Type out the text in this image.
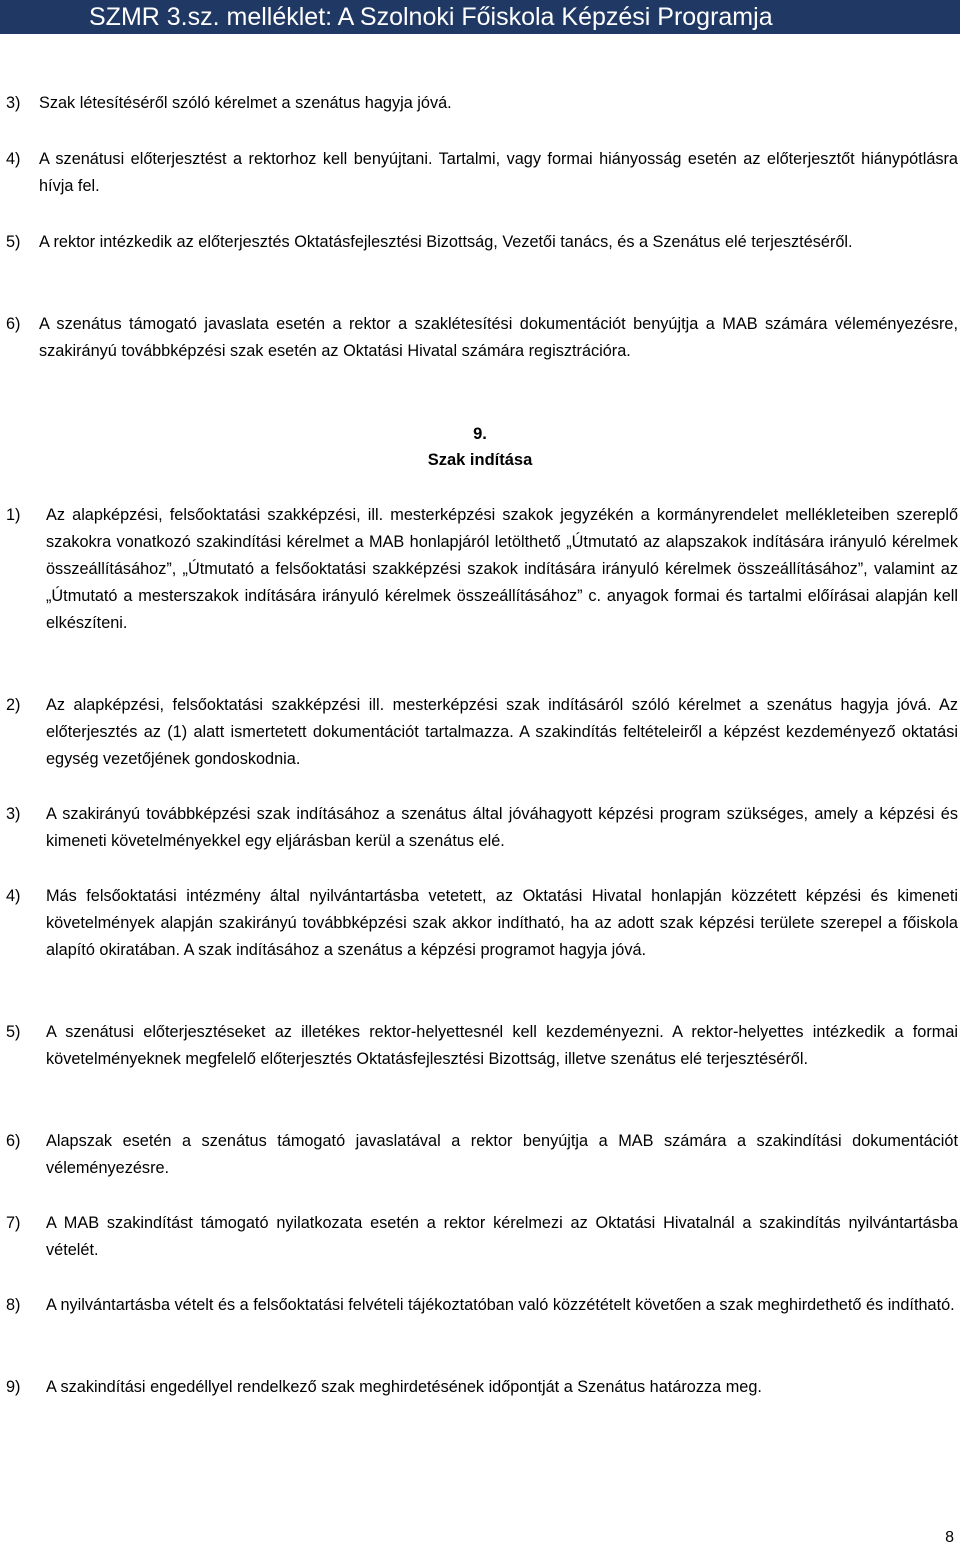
SZMR 3.sz. melléklet: A Szolnoki Főiskola Képzési Programja
3)	Szak létesítéséről szóló kérelmet a szenátus hagyja jóvá.
4)	A szenátusi előterjesztést a rektorhoz kell benyújtani. Tartalmi, vagy formai hiányosság esetén az előterjesztőt hiánypótlásra hívja fel.
5)	A rektor intézkedik az előterjesztés Oktatásfejlesztési Bizottság, Vezetői tanács, és a Szenátus elé terjesztéséről.
6)	A szenátus támogató javaslata esetén a rektor a szaklétesítési dokumentációt benyújtja a MAB számára véleményezésre, szakirányú továbbképzési szak esetén az Oktatási Hivatal számára regisztrációra.
9.
Szak indítása
1)	Az alapképzési, felsőoktatási szakképzési, ill. mesterképzési szakok jegyzékén a kormányrendelet mellékleteiben szereplő szakokra vonatkozó szakindítási kérelmet a MAB honlapjáról letölthető „Útmutató az alapszakok indítására irányuló kérelmek összeállításához”, „Útmutató a felsőoktatási szakképzési szakok indítására irányuló kérelmek összeállításához”, valamint az „Útmutató a mesterszakok indítására irányuló kérelmek összeállításához” c. anyagok formai és tartalmi előírásai alapján kell elkészíteni.
2)	Az alapképzési, felsőoktatási szakképzési ill. mesterképzési szak indításáról szóló kérelmet a szenátus hagyja jóvá. Az előterjesztés az (1) alatt ismertetett dokumentációt tartalmazza. A szakindítás feltételeiről a képzést kezdeményező oktatási egység vezetőjének gondoskodnia.
3)	A szakirányú továbbképzési szak indításához a szenátus által jóváhagyott képzési program szükséges, amely a képzési és kimeneti követelményekkel egy eljárásban kerül a szenátus elé.
4)	Más felsőoktatási intézmény által nyilvántartásba vetetett, az Oktatási Hivatal honlapján közzétett képzési és kimeneti követelmények alapján szakirányú továbbképzési szak akkor indítható, ha az adott szak képzési területe szerepel a főiskola alapító okiratában. A szak indításához a szenátus a képzési programot hagyja jóvá.
5)	A szenátusi előterjesztéseket az illetékes rektor-helyettesnél kell kezdeményezni. A rektor-helyettes intézkedik a formai követelményeknek megfelelő előterjesztés Oktatásfejlesztési Bizottság, illetve szenátus elé terjesztéséről.
6)	Alapszak esetén a szenátus támogató javaslatával a rektor benyújtja a MAB számára a szakindítási dokumentációt véleményezésre.
7)	A MAB szakindítást támogató nyilatkozata esetén a rektor kérelmezi az Oktatási Hivatalnál a szakindítás nyilvántartásba vételét.
8)	A nyilvántartásba vételt és a felsőoktatási felvételi tájékoztatóban való közzétételt követően a szak meghirdethető és indítható.
9)	A szakindítási engedéllyel rendelkező szak meghirdetésének időpontját a Szenátus határozza meg.
8
